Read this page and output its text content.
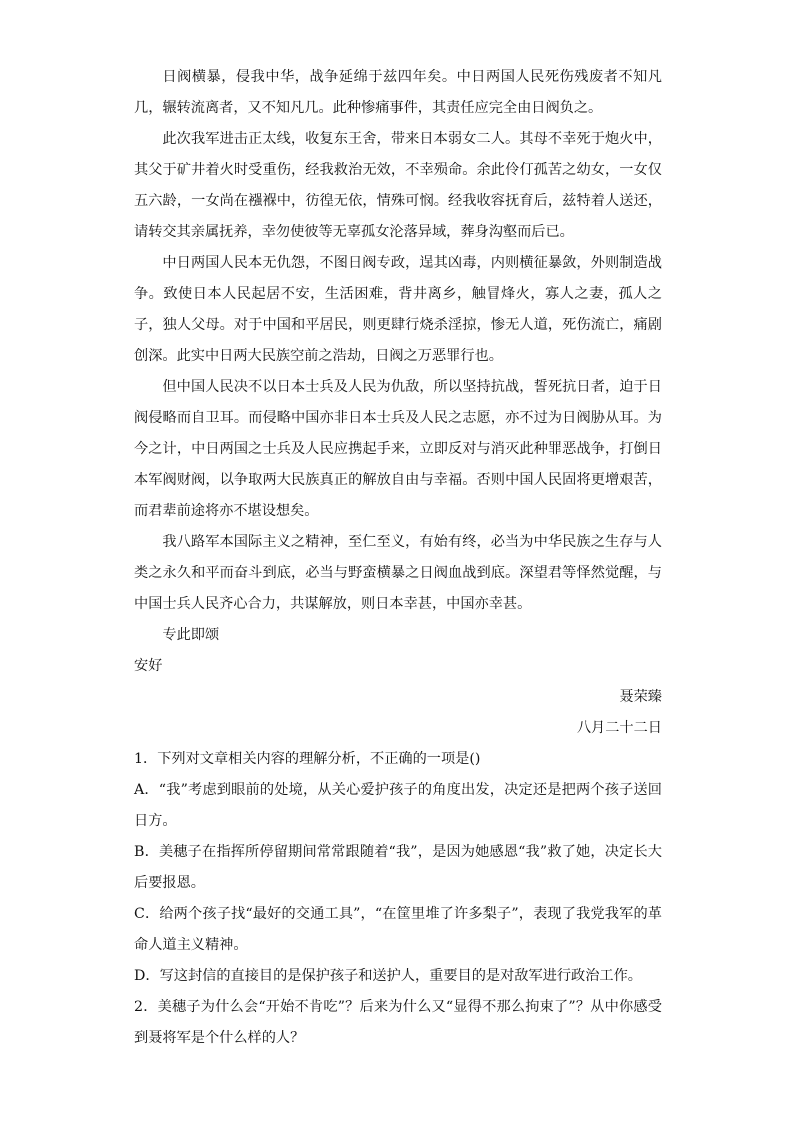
日阀横暴，侵我中华，战争延绵于兹四年矣。中日两国人民死伤残废者不知凡几，辗转流离者，又不知凡几。此种惨痛事件，其责任应完全由日阀负之。

此次我军进击正太线，收复东王舍，带来日本弱女二人。其母不幸死于炮火中，其父于矿井着火时受重伤，经我救治无效，不幸殒命。余此伶仃孤苦之幼女，一女仅五六龄，一女尚在襁褓中，彷徨无依，情殊可悯。经我收容抚育后，兹特着人送还，请转交其亲属抚养，幸勿使彼等无辜孤女沦落异域，葬身沟壑而后已。

中日两国人民本无仇怨，不图日阀专政，逞其凶毒，内则横征暴敛，外则制造战争。致使日本人民起居不安，生活困难，背井离乡，触冒烽火，寡人之妻，孤人之子，独人父母。对于中国和平居民，则更肆行烧杀淫掠，惨无人道，死伤流亡，痛剧创深。此实中日两大民族空前之浩劫，日阀之万恶罪行也。

但中国人民决不以日本士兵及人民为仇敌，所以坚持抗战，誓死抗日者，迫于日阀侵略而自卫耳。而侵略中国亦非日本士兵及人民之志愿，亦不过为日阀胁从耳。为今之计，中日两国之士兵及人民应携起手来，立即反对与消灭此种罪恶战争，打倒日本军阀财阀，以争取两大民族真正的解放自由与幸福。否则中国人民固将更增艰苦，而君辈前途将亦不堪设想矣。

我八路军本国际主义之精神，至仁至义，有始有终，必当为中华民族之生存与人类之永久和平而奋斗到底，必当与野蛮横暴之日阀血战到底。深望君等怿然觉醒，与中国士兵人民齐心合力，共谋解放，则日本幸甚，中国亦幸甚。

专此即颂

安好

聂荣臻

八月二十二日

1．下列对文章相关内容的理解分析，不正确的一项是()

A．“我”考虑到眼前的处境，从关心爱护孩子的角度出发，决定还是把两个孩子送回日方。

B．美穗子在指挥所停留期间常常跟随着“我”，是因为她感恩“我”救了她，决定长大后要报恩。

C．给两个孩子找“最好的交通工具”，“在筐里堆了许多梨子”，表现了我党我军的革命人道主义精神。

D．写这封信的直接目的是保护孩子和送护人，重要目的是对敌军进行政治工作。

2．美穗子为什么会“开始不肯吃”？后来为什么又“显得不那么拘束了”？从中你感受到聂将军是个什么样的人？
